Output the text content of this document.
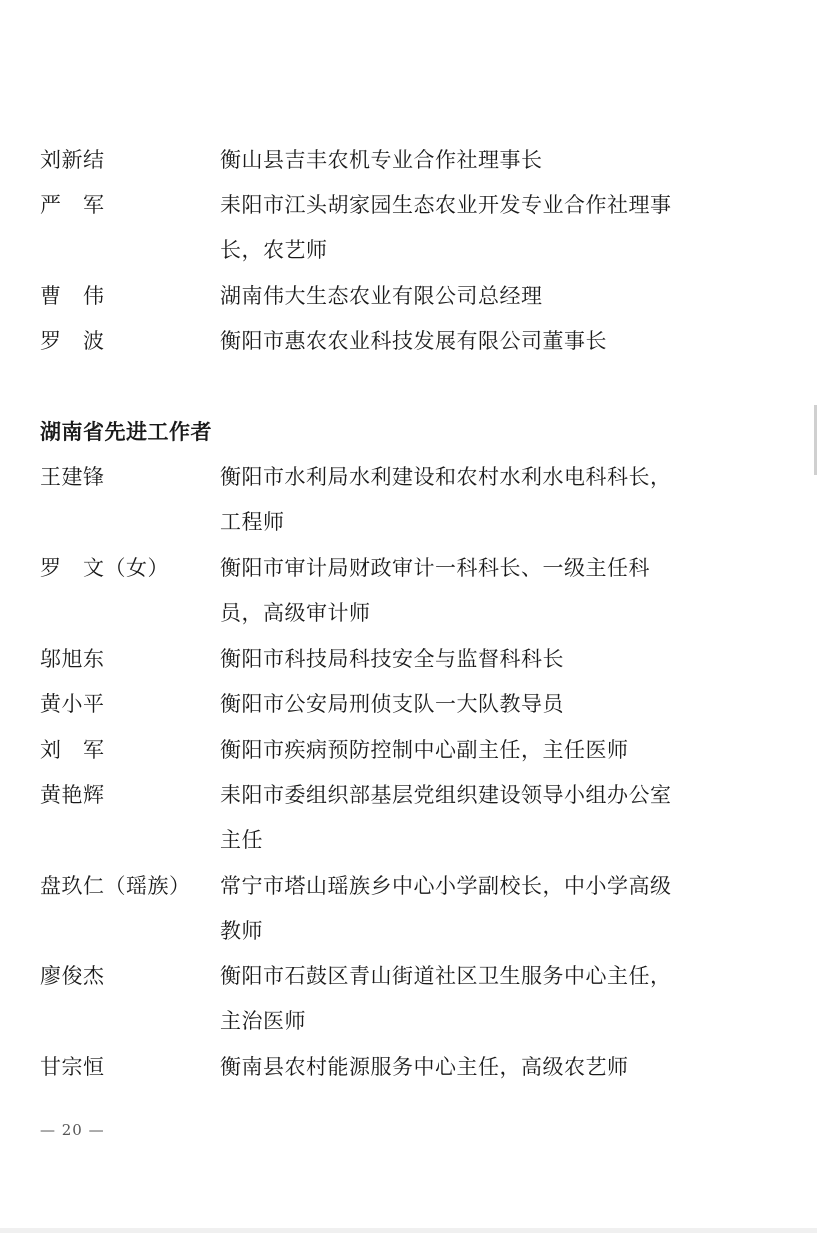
刘新结	衡山县吉丰农机专业合作社理事长
严　军	耒阳市江头胡家园生态农业开发专业合作社理事
长，农艺师
曹　伟	湖南伟大生态农业有限公司总经理
罗　波	衡阳市惠农农业科技发展有限公司董事长
湖南省先进工作者
王建锋	衡阳市水利局水利建设和农村水利水电科科长，
工程师
罗　文（女） 衡阳市审计局财政审计一科科长、一级主任科
员，高级审计师
邬旭东	衡阳市科技局科技安全与监督科科长
黄小平	衡阳市公安局刑侦支队一大队教导员
刘　军	衡阳市疾病预防控制中心副主任，主任医师
黄艳辉	耒阳市委组织部基层党组织建设领导小组办公室
主任
盘玖仁（瑶族） 常宁市塔山瑶族乡中心小学副校长，中小学高级
教师
廖俊杰	衡阳市石鼓区青山街道社区卫生服务中心主任，
主治医师
甘宗恒	衡南县农村能源服务中心主任，高级农艺师
— 20 —
